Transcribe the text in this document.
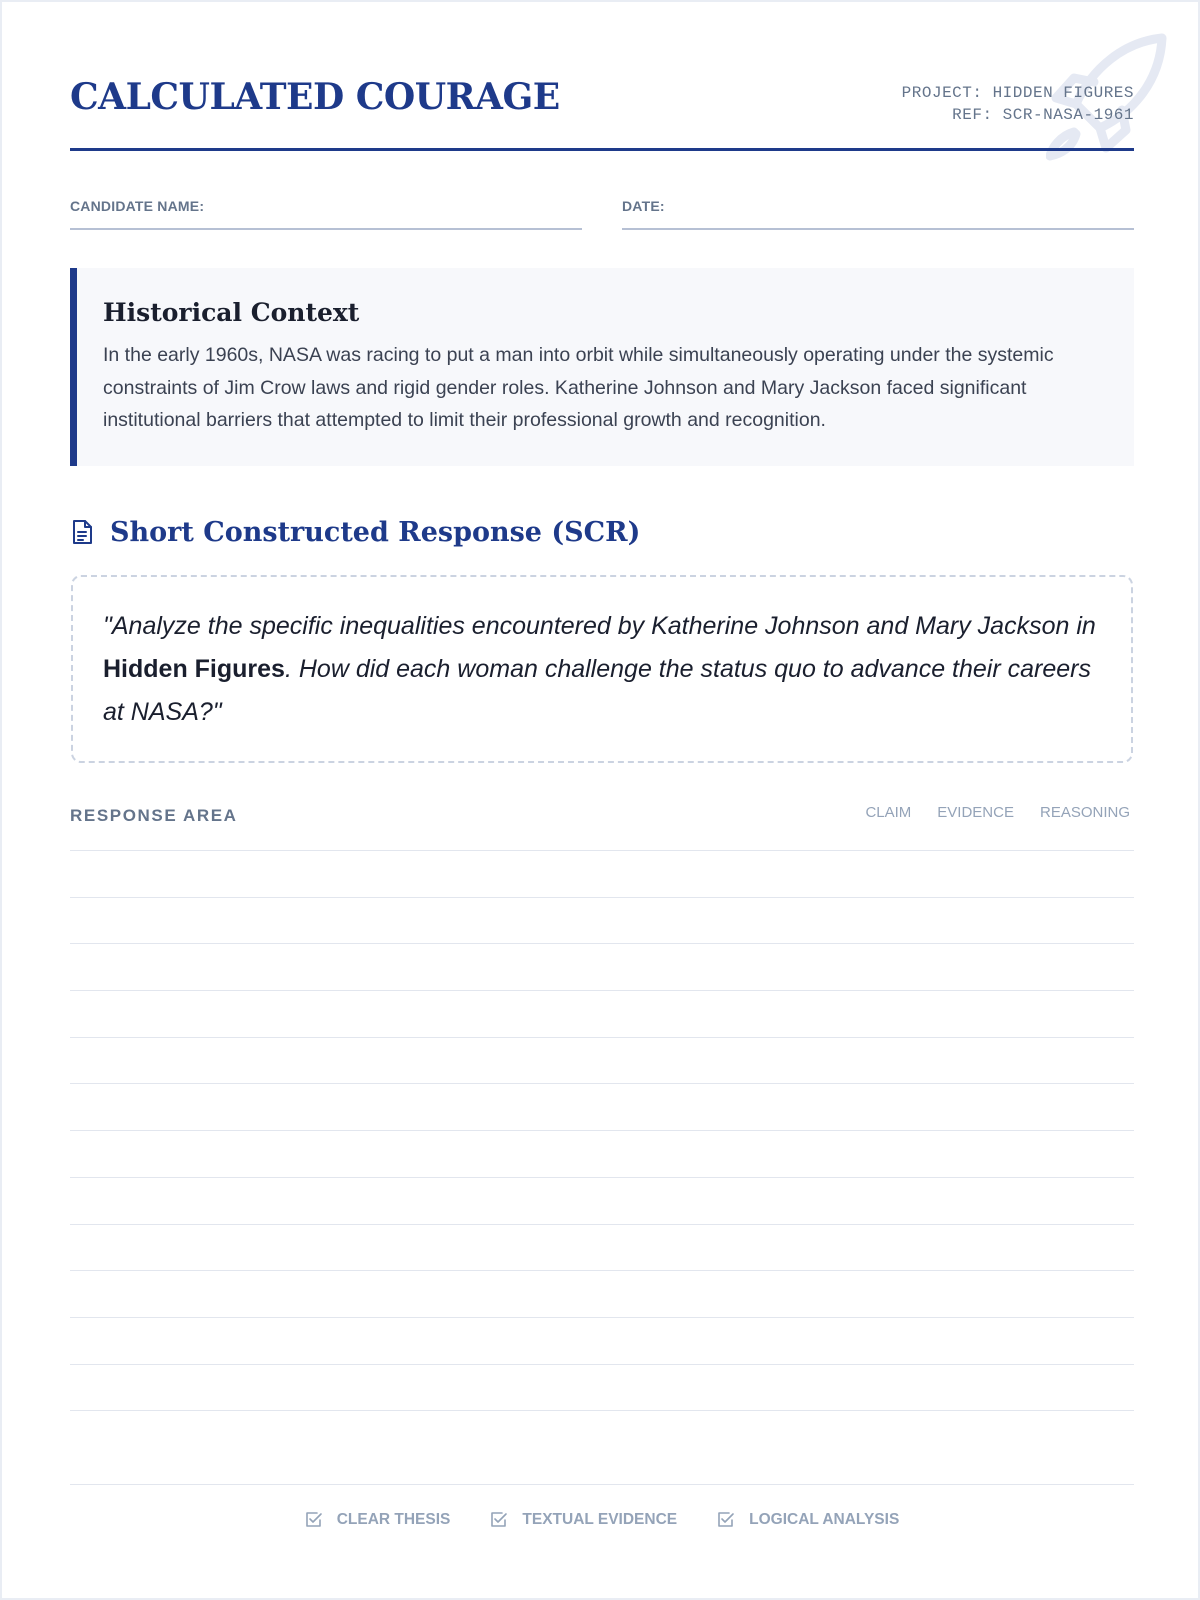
CALCULATED COURAGE	PROJECT: HIDDEN FIGURES
REF: SCR-NASA-1961
CANDIDATE NAME:	DATE:
Historical Context

In the early 1960s, NASA was racing to put a man into orbit while simultaneously operating under the systemic constraints of Jim Crow laws and rigid gender roles. Katherine Johnson and Mary Jackson faced significant institutional barriers that attempted to limit their professional growth and recognition.

Short Constructed Response (SCR)
"Analyze the specific inequalities encountered by Katherine Johnson and Mary Jackson in Hidden Figures. How did each woman challenge the status quo to advance their careers at NASA?"
RESPONSE AREA	CLAIM EVIDENCE REASONING
CLEAR THESIS	TEXTUAL EVIDENCE	LOGICAL ANALYSIS
